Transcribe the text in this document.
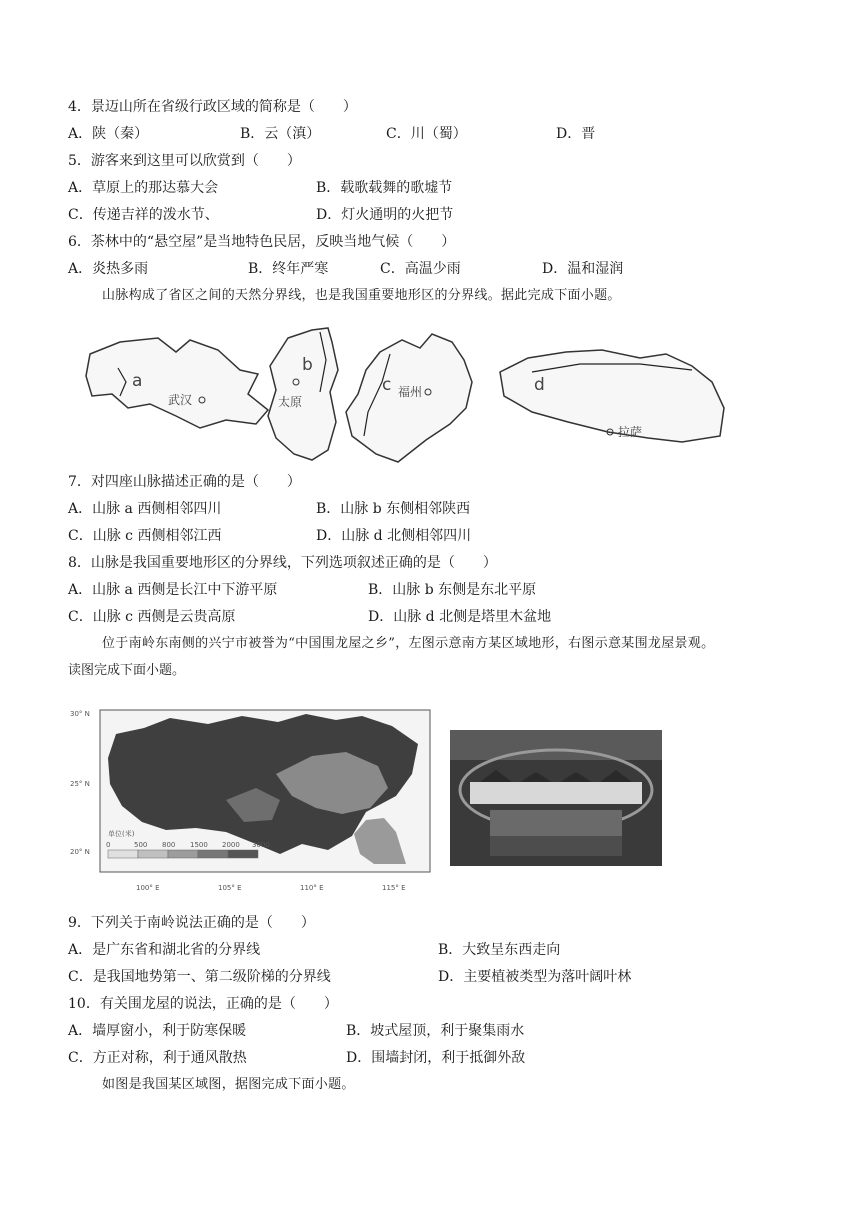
4．景迈山所在省级行政区域的简称是（　　）
A．陕（秦）	B．云（滇）	C．川（蜀）	D．晋
5．游客来到这里可以欣赏到（　　）
A．草原上的那达慕大会	B．载歌载舞的歌墟节
C．传递吉祥的泼水节、	D．灯火通明的火把节
6．茶林中的“悬空屋”是当地特色民居，反映当地气候（　　）
A．炎热多雨	B．终年严寒	C．高温少雨	D．温和湿润
山脉构成了省区之间的天然分界线，也是我国重要地形区的分界线。据此完成下面小题。
a
b
c	d
武汉	太原
福州
拉萨
7．对四座山脉描述正确的是（　　）
A．山脉 a 西侧相邻四川	B．山脉 b 东侧相邻陕西
C．山脉 c 西侧相邻江西	D．山脉 d 北侧相邻四川
8．山脉是我国重要地形区的分界线，下列选项叙述正确的是（　　）
A．山脉 a 西侧是长江中下游平原	B．山脉 b 东侧是东北平原
C．山脉 c 西侧是云贵高原	D．山脉 d 北侧是塔里木盆地
位于南岭东南侧的兴宁市被誉为“中国围龙屋之乡”，左图示意南方某区域地形，右图示意某围龙屋景观。
读图完成下面小题。
30° N
25° N
20° N
100° E	105° E	110° E	115° E
单位(米)
0	500 800 1500 2000 3000
9．下列关于南岭说法正确的是（　　）
A．是广东省和湖北省的分界线	B．大致呈东西走向
C．是我国地势第一、第二级阶梯的分界线	D．主要植被类型为落叶阔叶林
10．有关围龙屋的说法，正确的是（　　）
A．墙厚窗小，利于防寒保暖	B．坡式屋顶，利于聚集雨水
C．方正对称，利于通风散热	D．围墙封闭，利于抵御外敌
如图是我国某区域图，据图完成下面小题。
